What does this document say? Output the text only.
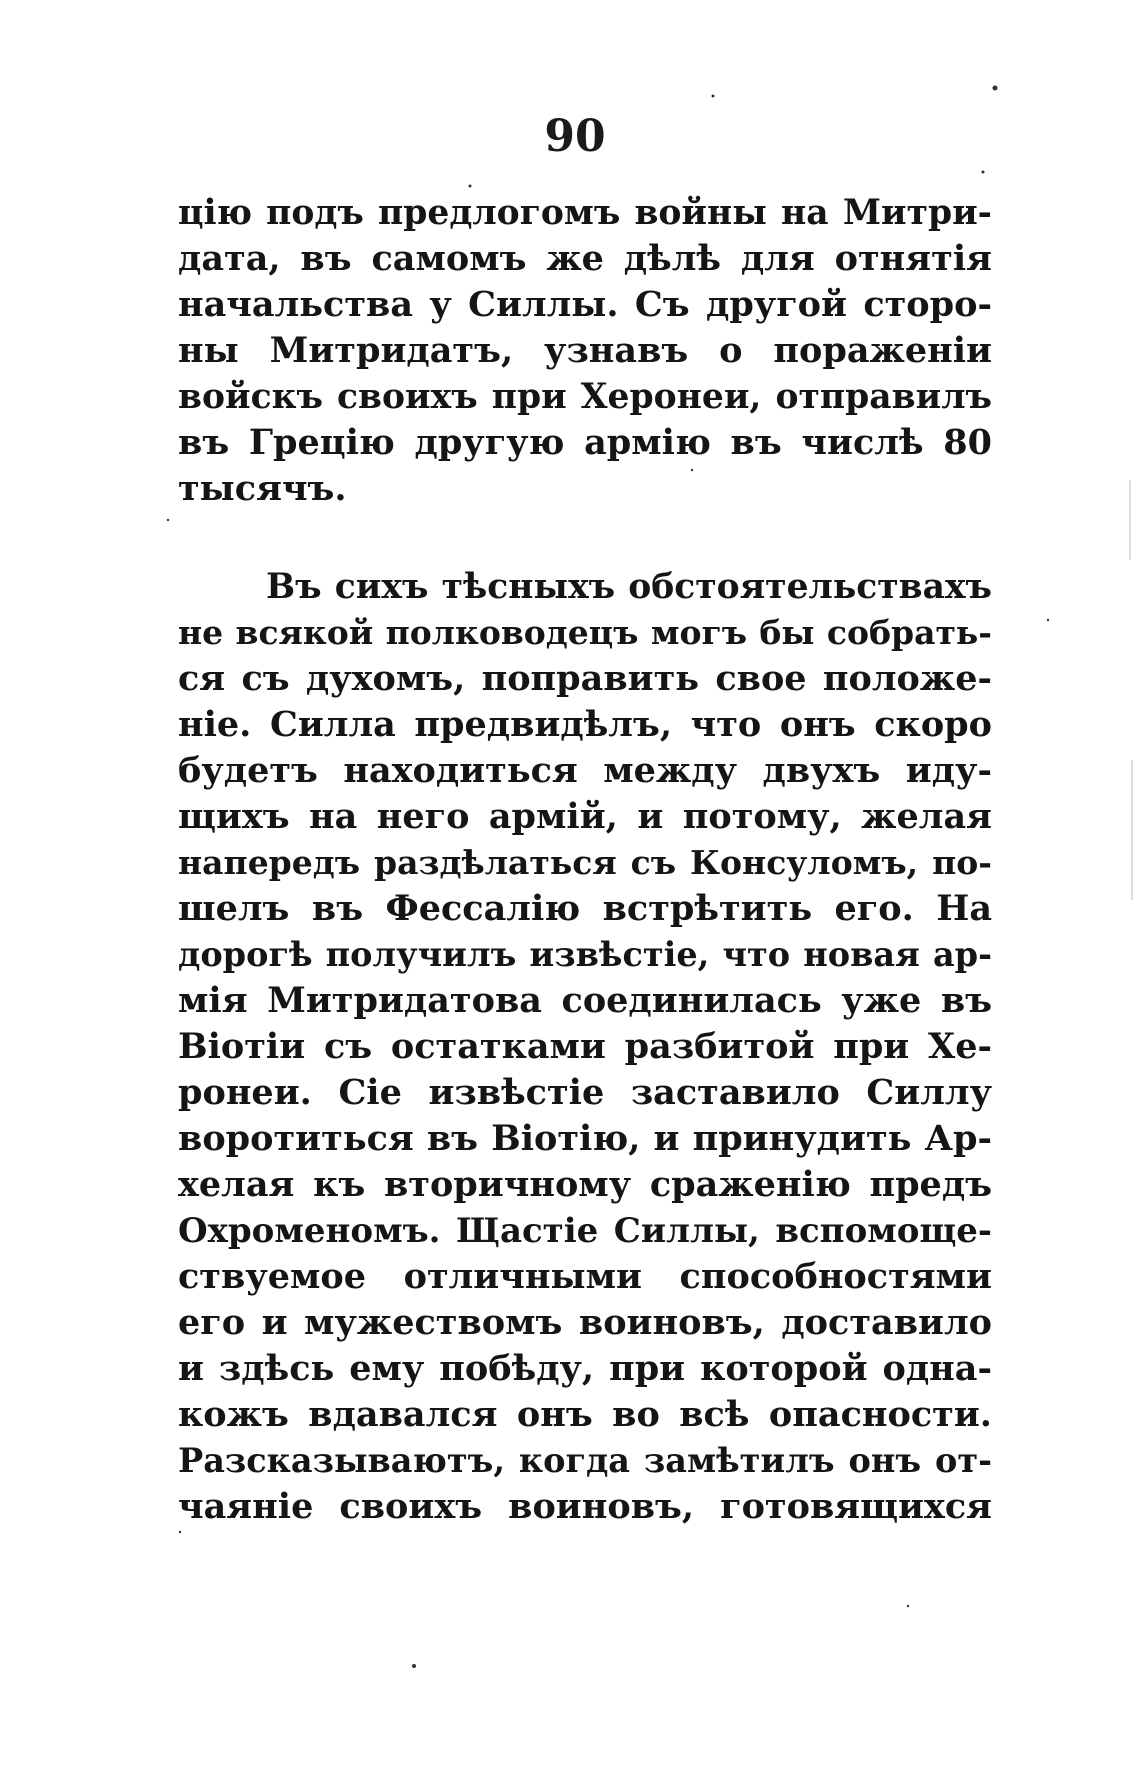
90
цію подъ предлогомъ войны на Митри-
дата, въ самомъ же дѣлѣ для отнятія
начальства у Силлы. Съ другой сторо-
ны Митридатъ, узнавъ о пораженіи
войскъ своихъ при Херонеи, отправилъ
въ Грецію другую армію въ числѣ 80
тысячъ.
Въ сихъ тѣсныхъ обстоятельствахъ
не всякой полководецъ могъ бы собрать-
ся съ духомъ, поправить свое положе-
ніе. Силла предвидѣлъ, что онъ скоро
будетъ находиться между двухъ иду-
щихъ на него армій, и потому, желая
напередъ раздѣлаться съ Консуломъ, по-
шелъ въ Фессалію встрѣтить его. На
дорогѣ получилъ извѣстіе, что новая ар-
мія Митридатова соединилась уже въ
Віотіи съ остатками разбитой при Хе-
ронеи. Сіе извѣстіе заставило Силлу
воротиться въ Віотію, и принудить Ар-
хелая къ вторичному сраженію предъ
Охроменомъ. Щастіе Силлы, вспомоще-
ствуемое отличными способностями
его и мужествомъ воиновъ, доставило
и здѣсь ему побѣду, при которой одна-
кожъ вдавался онъ во всѣ опасности.
Разсказываютъ, когда замѣтилъ онъ от-
чаяніе своихъ воиновъ, готовящихся
